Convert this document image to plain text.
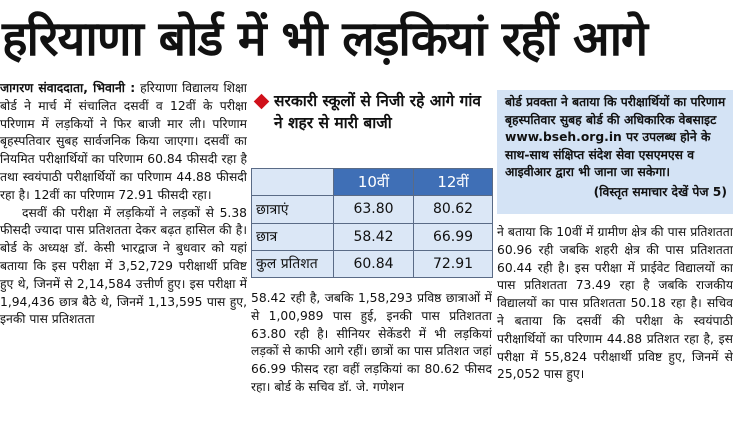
हरियाणा बोर्ड में भी लड़कियां रहीं आगे

जागरण संवाददाता, भिवानी : हरियाणा विद्यालय शिक्षा बोर्ड ने मार्च में संचालित दसवीं व 12वीं के परीक्षा परिणाम में लड़कियों ने फिर बाजी मार ली। परिणाम बृहस्पतिवार सुबह सार्वजनिक किया जाएगा। दसवीं का नियमित परीक्षार्थियों का परिणाम 60.84 फीसदी रहा है तथा स्वयंपाठी परीक्षार्थियों का परिणाम 44.88 फीसदी रहा है। 12वीं का परिणाम 72.91 फीसदी रहा।

दसवीं की परीक्षा में लड़कियों ने लड़कों से 5.38 फीसदी ज्यादा पास प्रतिशतता देकर बढ़त हासिल की है। बोर्ड के अध्यक्ष डॉ. केसी भारद्वाज ने बुधवार को यहां बताया कि इस परीक्षा में 3,52,729 परीक्षार्थी प्रविष्ट हुए थे, जिनमें से 2,14,584 उत्तीर्ण हुए। इस परीक्षा में 1,94,436 छात्र बैठे थे, जिनमें 1,13,595 पास हुए, इनकी पास प्रतिशतता

सरकारी स्कूलों से निजी रहे आगे गांव ने शहर से मारी बाजी
	10वीं	12वीं
छात्राएं	63.80	80.62
छात्र	58.42	66.99
कुल प्रतिशत	60.84	72.91

58.42 रही है, जबकि 1,58,293 प्रविष्ठ छात्राओं में से 1,00,989 पास हुई, इनकी पास प्रतिशतता 63.80 रही है। सीनियर सेकेंडरी में भी लड़कियां लड़कों से काफी आगे रहीं। छात्रों का पास प्रतिशत जहां 66.99 फीसद रहा वहीं लड़कियां का 80.62 फीसद रहा। बोर्ड के सचिव डॉ. जे. गणेशन

बोर्ड प्रवक्ता ने बताया कि परीक्षार्थियों का परिणाम बृहस्पतिवार सुबह बोर्ड की अधिकारिक वेबसाइट www.bseh.org.in पर उपलब्ध होने के साथ-साथ संक्षिप्त संदेश सेवा एसएमएस व आइवीआर द्वारा भी जाना जा सकेगा।
(विस्तृत समाचार देखें पेज 5)

ने बताया कि 10वीं में ग्रामीण क्षेत्र की पास प्रतिशतता 60.96 रही जबकि शहरी क्षेत्र की पास प्रतिशतता 60.44 रही है। इस परीक्षा में प्राईवेट विद्यालयों का पास प्रतिशतता 73.49 रहा है जबकि राजकीय विद्यालयों का पास प्रतिशतता 50.18 रहा है। सचिव ने बताया कि दसवीं की परीक्षा के स्वयंपाठी परीक्षार्थियों का परिणाम 44.88 प्रतिशत रहा है, इस परीक्षा में 55,824 परीक्षार्थी प्रविष्ट हुए, जिनमें से 25,052 पास हुए।
